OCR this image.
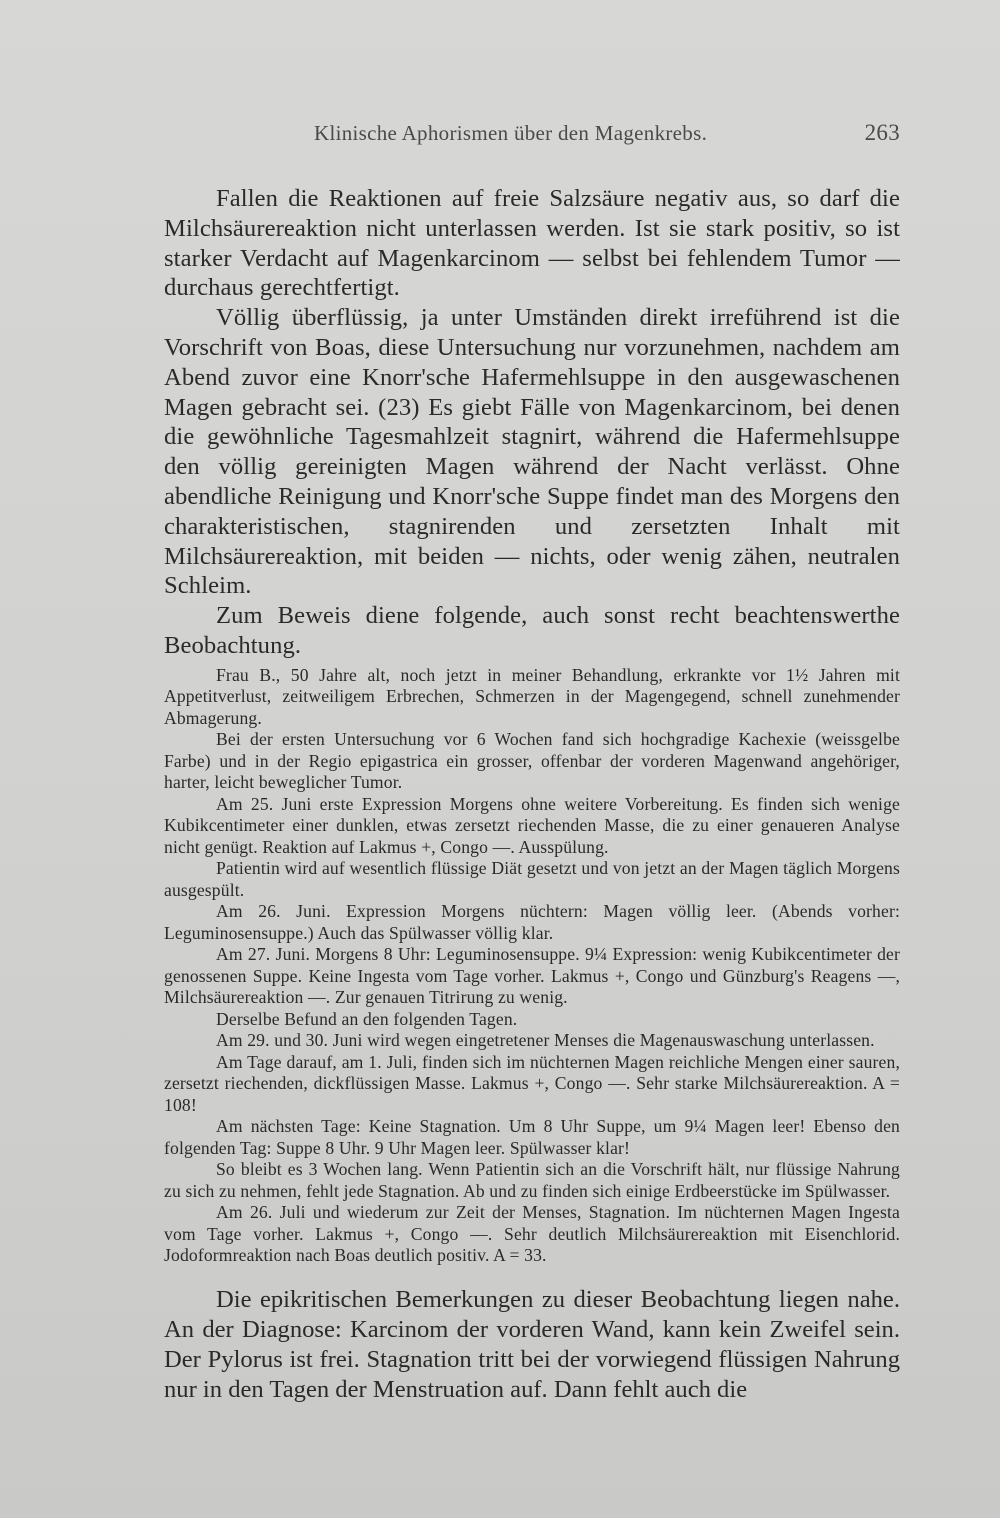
Klinische Aphorismen über den Magenkrebs.	263

Fallen die Reaktionen auf freie Salzsäure negativ aus, so darf die Milchsäurereaktion nicht unterlassen werden. Ist sie stark positiv, so ist starker Verdacht auf Magenkarcinom — selbst bei fehlendem Tumor — durchaus gerechtfertigt.

Völlig überflüssig, ja unter Umständen direkt irreführend ist die Vorschrift von Boas, diese Untersuchung nur vorzunehmen, nachdem am Abend zuvor eine Knorr'sche Hafermehlsuppe in den ausgewaschenen Magen gebracht sei. (23) Es giebt Fälle von Magenkarcinom, bei denen die gewöhnliche Tagesmahlzeit stagnirt, während die Hafermehlsuppe den völlig gereinigten Magen während der Nacht verlässt. Ohne abendliche Reinigung und Knorr'sche Suppe findet man des Morgens den charakteristischen, stagnirenden und zersetzten Inhalt mit Milchsäurereaktion, mit beiden — nichts, oder wenig zähen, neutralen Schleim.

Zum Beweis diene folgende, auch sonst recht beachtenswerthe Beobachtung.

Frau B., 50 Jahre alt, noch jetzt in meiner Behandlung, erkrankte vor 1½ Jahren mit Appetitverlust, zeitweiligem Erbrechen, Schmerzen in der Magengegend, schnell zunehmender Abmagerung.

Bei der ersten Untersuchung vor 6 Wochen fand sich hochgradige Kachexie (weissgelbe Farbe) und in der Regio epigastrica ein grosser, offenbar der vorderen Magenwand angehöriger, harter, leicht beweglicher Tumor.

Am 25. Juni erste Expression Morgens ohne weitere Vorbereitung. Es finden sich wenige Kubikcentimeter einer dunklen, etwas zersetzt riechenden Masse, die zu einer genaueren Analyse nicht genügt. Reaktion auf Lakmus +, Congo —. Ausspülung.

Patientin wird auf wesentlich flüssige Diät gesetzt und von jetzt an der Magen täglich Morgens ausgespült.

Am 26. Juni. Expression Morgens nüchtern: Magen völlig leer. (Abends vorher: Leguminosensuppe.) Auch das Spülwasser völlig klar.

Am 27. Juni. Morgens 8 Uhr: Leguminosensuppe. 9¼ Expression: wenig Kubikcentimeter der genossenen Suppe. Keine Ingesta vom Tage vorher. Lakmus +, Congo und Günzburg's Reagens —, Milchsäurereaktion —. Zur genauen Titrirung zu wenig.

Derselbe Befund an den folgenden Tagen.

Am 29. und 30. Juni wird wegen eingetretener Menses die Magenauswaschung unterlassen.

Am Tage darauf, am 1. Juli, finden sich im nüchternen Magen reichliche Mengen einer sauren, zersetzt riechenden, dickflüssigen Masse. Lakmus +, Congo —. Sehr starke Milchsäurereaktion. A = 108!

Am nächsten Tage: Keine Stagnation. Um 8 Uhr Suppe, um 9¼ Magen leer! Ebenso den folgenden Tag: Suppe 8 Uhr. 9 Uhr Magen leer. Spülwasser klar!

So bleibt es 3 Wochen lang. Wenn Patientin sich an die Vorschrift hält, nur flüssige Nahrung zu sich zu nehmen, fehlt jede Stagnation. Ab und zu finden sich einige Erdbeerstücke im Spülwasser.

Am 26. Juli und wiederum zur Zeit der Menses, Stagnation. Im nüchternen Magen Ingesta vom Tage vorher. Lakmus +, Congo —. Sehr deutlich Milchsäurereaktion mit Eisenchlorid. Jodoformreaktion nach Boas deutlich positiv. A = 33.

Die epikritischen Bemerkungen zu dieser Beobachtung liegen nahe. An der Diagnose: Karcinom der vorderen Wand, kann kein Zweifel sein. Der Pylorus ist frei. Stagnation tritt bei der vorwiegend flüssigen Nahrung nur in den Tagen der Menstruation auf. Dann fehlt auch die
